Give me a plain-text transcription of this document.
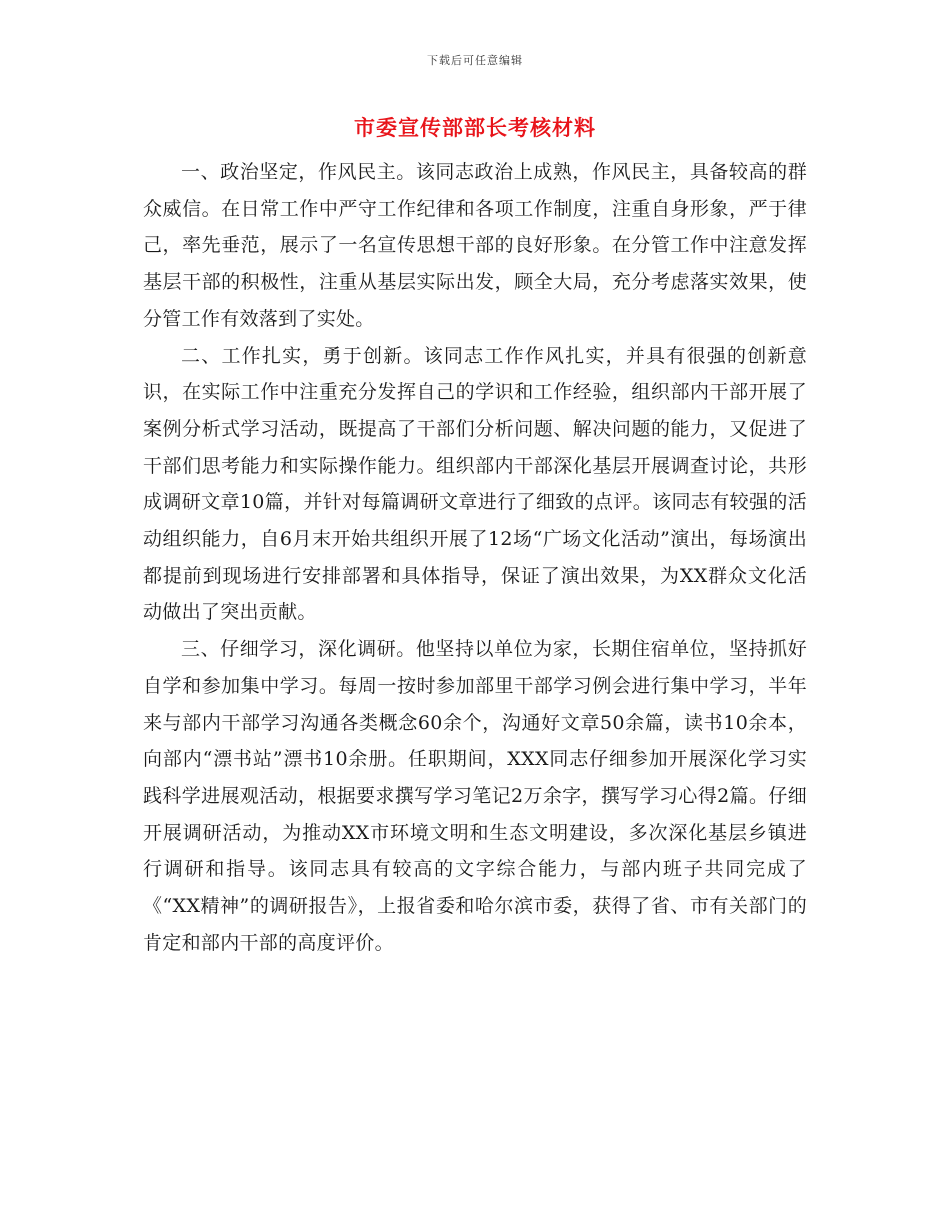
下载后可任意编辑
市委宣传部部长考核材料

一、政治坚定，作风民主。该同志政治上成熟，作风民主，具备较高的群众威信。在日常工作中严守工作纪律和各项工作制度，注重自身形象，严于律己，率先垂范，展示了一名宣传思想干部的良好形象。在分管工作中注意发挥基层干部的积极性，注重从基层实际出发，顾全大局，充分考虑落实效果，使分管工作有效落到了实处。

二、工作扎实，勇于创新。该同志工作作风扎实，并具有很强的创新意识，在实际工作中注重充分发挥自己的学识和工作经验，组织部内干部开展了案例分析式学习活动，既提高了干部们分析问题、解决问题的能力，又促进了干部们思考能力和实际操作能力。组织部内干部深化基层开展调查讨论，共形成调研文章10篇，并针对每篇调研文章进行了细致的点评。该同志有较强的活动组织能力，自6月末开始共组织开展了12场“广场文化活动”演出，每场演出都提前到现场进行安排部署和具体指导，保证了演出效果，为XX群众文化活动做出了突出贡献。

三、仔细学习，深化调研。他坚持以单位为家，长期住宿单位，坚持抓好自学和参加集中学习。每周一按时参加部里干部学习例会进行集中学习，半年来与部内干部学习沟通各类概念60余个，沟通好文章50余篇，读书10余本，向部内“漂书站”漂书10余册。任职期间，XXX同志仔细参加开展深化学习实践科学进展观活动，根据要求撰写学习笔记2万余字，撰写学习心得2篇。仔细开展调研活动，为推动XX市环境文明和生态文明建设，多次深化基层乡镇进行调研和指导。该同志具有较高的文字综合能力，与部内班子共同完成了《“XX精神”的调研报告》，上报省委和哈尔滨市委，获得了省、市有关部门的肯定和部内干部的高度评价。
